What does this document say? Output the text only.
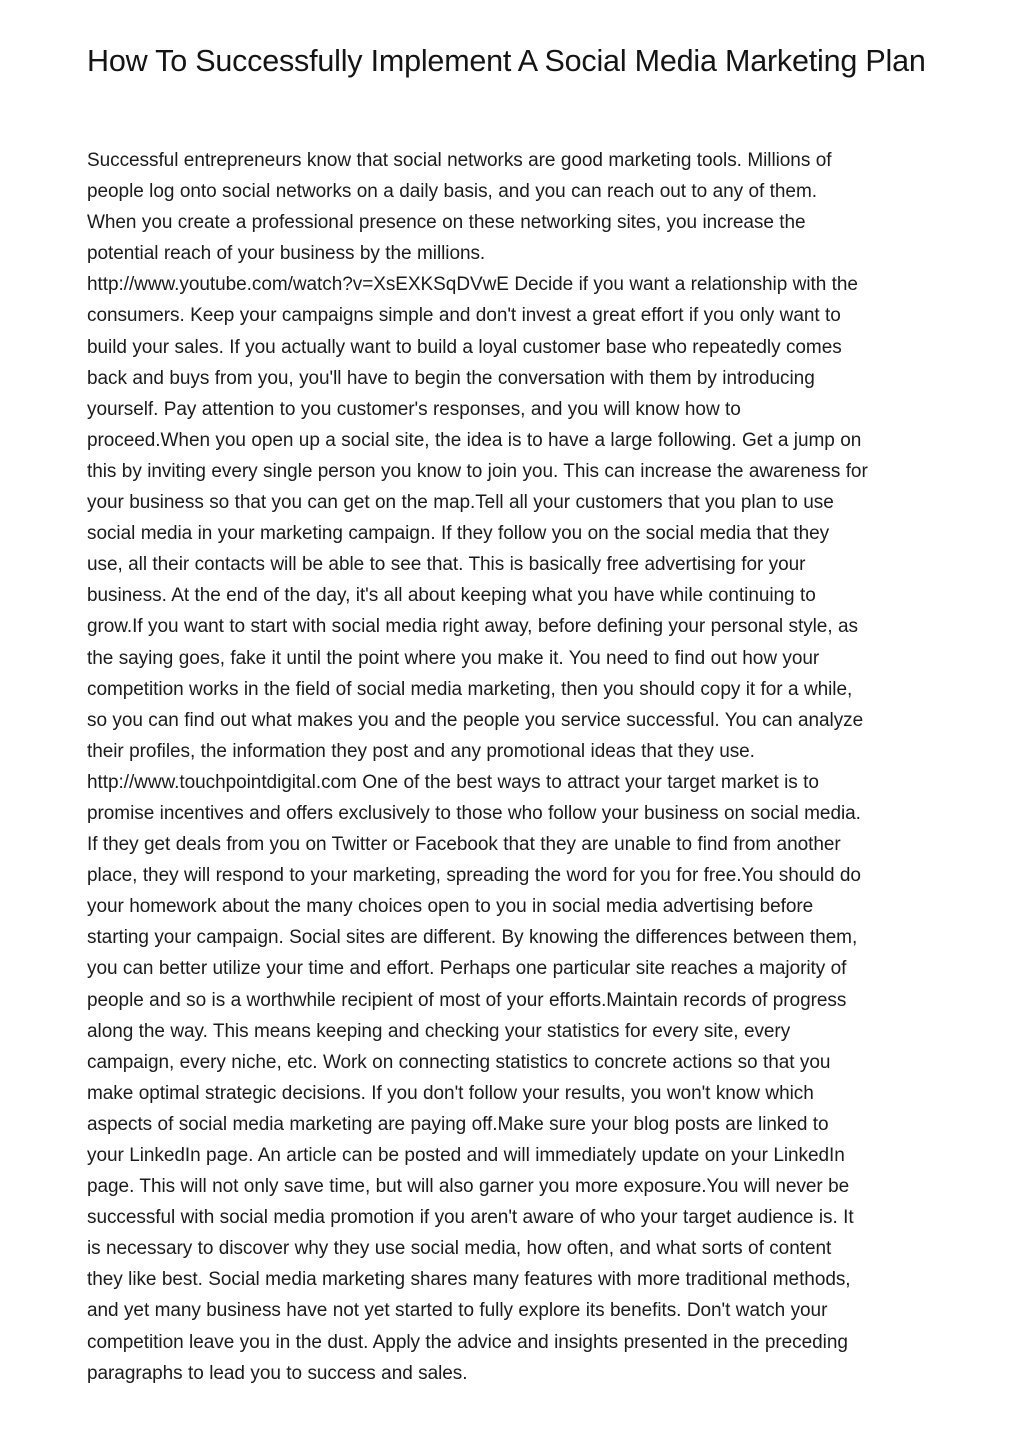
How To Successfully Implement A Social Media Marketing Plan
Successful entrepreneurs know that social networks are good marketing tools. Millions of
people log onto social networks on a daily basis, and you can reach out to any of them.
When you create a professional presence on these networking sites, you increase the
potential reach of your business by the millions.
http://www.youtube.com/watch?v=XsEXKSqDVwE Decide if you want a relationship with the
consumers. Keep your campaigns simple and don't invest a great effort if you only want to
build your sales. If you actually want to build a loyal customer base who repeatedly comes
back and buys from you, you'll have to begin the conversation with them by introducing
yourself. Pay attention to you customer's responses, and you will know how to
proceed.When you open up a social site, the idea is to have a large following. Get a jump on
this by inviting every single person you know to join you. This can increase the awareness for
your business so that you can get on the map.Tell all your customers that you plan to use
social media in your marketing campaign. If they follow you on the social media that they
use, all their contacts will be able to see that. This is basically free advertising for your
business. At the end of the day, it's all about keeping what you have while continuing to
grow.If you want to start with social media right away, before defining your personal style, as
the saying goes, fake it until the point where you make it. You need to find out how your
competition works in the field of social media marketing, then you should copy it for a while,
so you can find out what makes you and the people you service successful. You can analyze
their profiles, the information they post and any promotional ideas that they use.
http://www.touchpointdigital.com One of the best ways to attract your target market is to
promise incentives and offers exclusively to those who follow your business on social media.
If they get deals from you on Twitter or Facebook that they are unable to find from another
place, they will respond to your marketing, spreading the word for you for free.You should do
your homework about the many choices open to you in social media advertising before
starting your campaign. Social sites are different. By knowing the differences between them,
you can better utilize your time and effort. Perhaps one particular site reaches a majority of
people and so is a worthwhile recipient of most of your efforts.Maintain records of progress
along the way. This means keeping and checking your statistics for every site, every
campaign, every niche, etc. Work on connecting statistics to concrete actions so that you
make optimal strategic decisions. If you don't follow your results, you won't know which
aspects of social media marketing are paying off.Make sure your blog posts are linked to
your LinkedIn page. An article can be posted and will immediately update on your LinkedIn
page. This will not only save time, but will also garner you more exposure.You will never be
successful with social media promotion if you aren't aware of who your target audience is. It
is necessary to discover why they use social media, how often, and what sorts of content
they like best. Social media marketing shares many features with more traditional methods,
and yet many business have not yet started to fully explore its benefits. Don't watch your
competition leave you in the dust. Apply the advice and insights presented in the preceding
paragraphs to lead you to success and sales.
